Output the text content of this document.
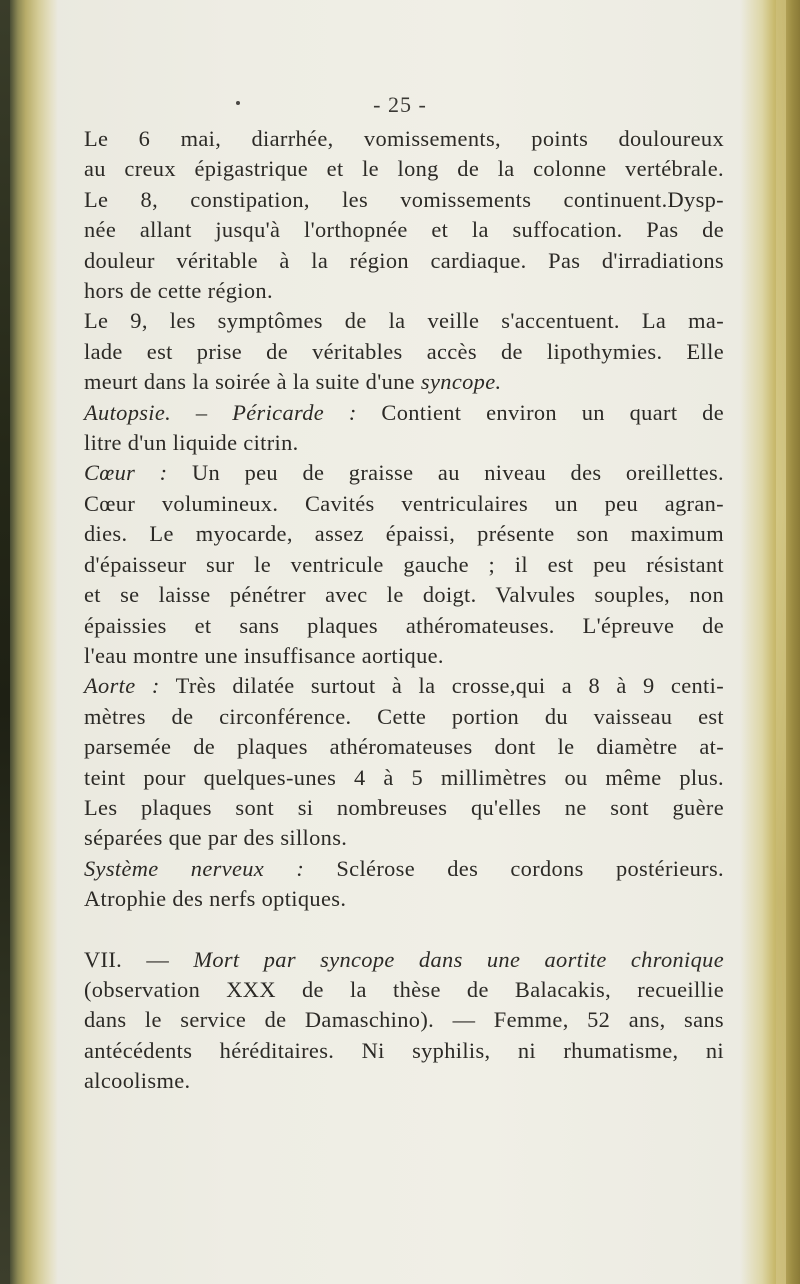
- 25 -
Le 6 mai, diarrhée, vomissements, points douloureux
au creux épigastrique et le long de la colonne vertébrale.
Le 8, constipation, les vomissements continuent.Dysp-
née allant jusqu'à l'orthopnée et la suffocation. Pas de
douleur véritable à la région cardiaque. Pas d'irradiations
hors de cette région.
Le 9, les symptômes de la veille s'accentuent. La ma-
lade est prise de véritables accès de lipothymies. Elle
meurt dans la soirée à la suite d'une syncope.
Autopsie. – Péricarde : Contient environ un quart de
litre d'un liquide citrin.
Cœur : Un peu de graisse au niveau des oreillettes.
Cœur volumineux. Cavités ventriculaires un peu agran-
dies. Le myocarde, assez épaissi, présente son maximum
d'épaisseur sur le ventricule gauche ; il est peu résistant
et se laisse pénétrer avec le doigt. Valvules souples, non
épaissies et sans plaques athéromateuses. L'épreuve de
l'eau montre une insuffisance aortique.
Aorte : Très dilatée surtout à la crosse,qui a 8 à 9 centi-
mètres de circonférence. Cette portion du vaisseau est
parsemée de plaques athéromateuses dont le diamètre at-
teint pour quelques-unes 4 à 5 millimètres ou même plus.
Les plaques sont si nombreuses qu'elles ne sont guère
séparées que par des sillons.
Système nerveux : Sclérose des cordons postérieurs.
Atrophie des nerfs optiques.
VII. — Mort par syncope dans une aortite chronique
(observation XXX de la thèse de Balacakis, recueillie
dans le service de Damaschino). — Femme, 52 ans, sans
antécédents héréditaires. Ni syphilis, ni rhumatisme, ni
alcoolisme.
